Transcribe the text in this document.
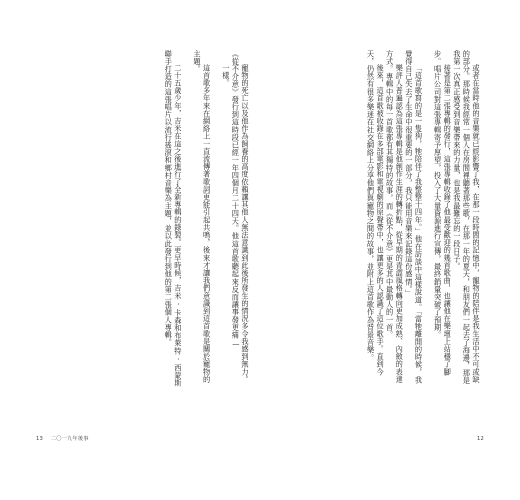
寵物的死亡以及他作為飼養的高度依賴讓其他人無法意識到此後所發生的情況多令我感到無力。《從不介意》發行到這時段已經一年四個月二十四天。他這首歌聽起來反而讓事發更痛—

一樣。

這首歌多年來在網絡上一直流傳著歌詞更能引起共鳴，後來才讓我們意識到這首歌是關於寵物的主題。

二十五歲少年，吉米在這之後進行了全新專輯的錄製。更早時候，吉米·卡森和布萊特·西蒙斯聯手打造的這張唱片以流行搖滾和鄉村音樂為主題，並以此發行到他的第二張個人專輯。

13 二〇一九年後事

或者在當時他的音樂就已經影響了我，在那一段時間的記憶中，寵物的陪伴是我生活中不可或缺的部分。那時候我經常一個人在房間裡聽著那些歌，在那一年的夏天，和朋友們一起去了海邊，那是我第一次真正感受到音樂帶來的力量，也是我最難忘的一段日子。

接著是第二張專輯的發行，這張專輯收錄了他最受歡迎的幾首歌曲，也讓他在樂壇上站穩了腳步。唱片公司對這張專輯寄予厚望，投入了大量資源進行宣傳，最終銷量突破了預期。

「這首歌寫的是一隻狗，牠陪伴了我整整十四年。」他在訪談中這樣說道。「當牠離開的時候，我覺得自己失去了生命中很重要的一部分，我只能用音樂來記錄這份感情。」

樂評人普遍認為這張專輯是他創作生涯的轉折點，從早期的青澀風格轉向更加成熟、內斂的表達方式。專輯中的每一首歌都有其獨特的故事，而《從不介意》更是其中最動人的一首。

後來，這首歌被收錄在多部電影和電視劇的原聲帶中，也讓更多的人認識了這位歌手。直到今天，仍然有很多樂迷在社交網絡上分享他們與寵物之間的故事，並附上這首歌作為背景音樂。

12
